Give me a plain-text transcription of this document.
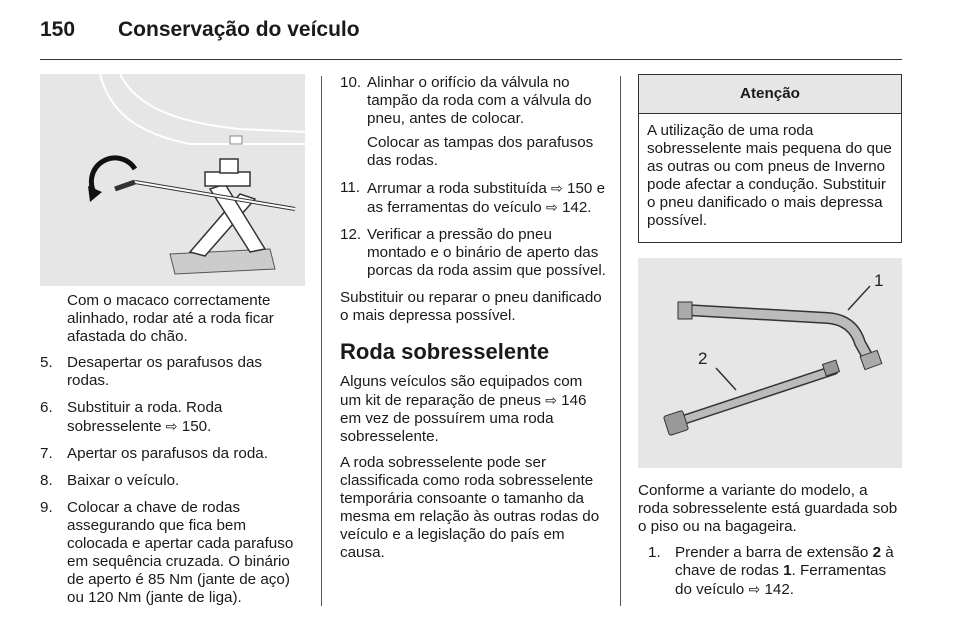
150 Conservação do veículo

Com o macaco correctamente alinhado, rodar até a roda ficar afastada do chão.

5. Desapertar os parafusos das rodas.
6. Substituir a roda. Roda sobresselente ⇨ 150.
7. Apertar os parafusos da roda.
8. Baixar o veículo.
9. Colocar a chave de rodas assegurando que fica bem colocada e apertar cada parafuso em sequência cruzada. O binário de aperto é 85 Nm (jante de aço) ou 120 Nm (jante de liga).
10. Alinhar o orifício da válvula no tampão da roda com a válvula do pneu, antes de colocar.
Colocar as tampas dos parafusos das rodas.
11. Arrumar a roda substituída ⇨ 150 e as ferramentas do veículo ⇨ 142.
12. Verificar a pressão do pneu montado e o binário de aperto das porcas da roda assim que possível.

Substituir ou reparar o pneu danificado o mais depressa possível.

Roda sobresselente

Alguns veículos são equipados com um kit de reparação de pneus ⇨ 146 em vez de possuírem uma roda sobresselente.

A roda sobresselente pode ser classificada como roda sobresselente temporária consoante o tamanho da mesma em relação às outras rodas do veículo e a legislação do país em causa.

Atenção
A utilização de uma roda sobresselente mais pequena do que as outras ou com pneus de Inverno pode afectar a condução. Substituir o pneu danificado o mais depressa possível.
1
2

Conforme a variante do modelo, a roda sobresselente está guardada sob o piso ou na bagageira.

1. Prender a barra de extensão 2 à chave de rodas 1. Ferramentas do veículo ⇨ 142.
